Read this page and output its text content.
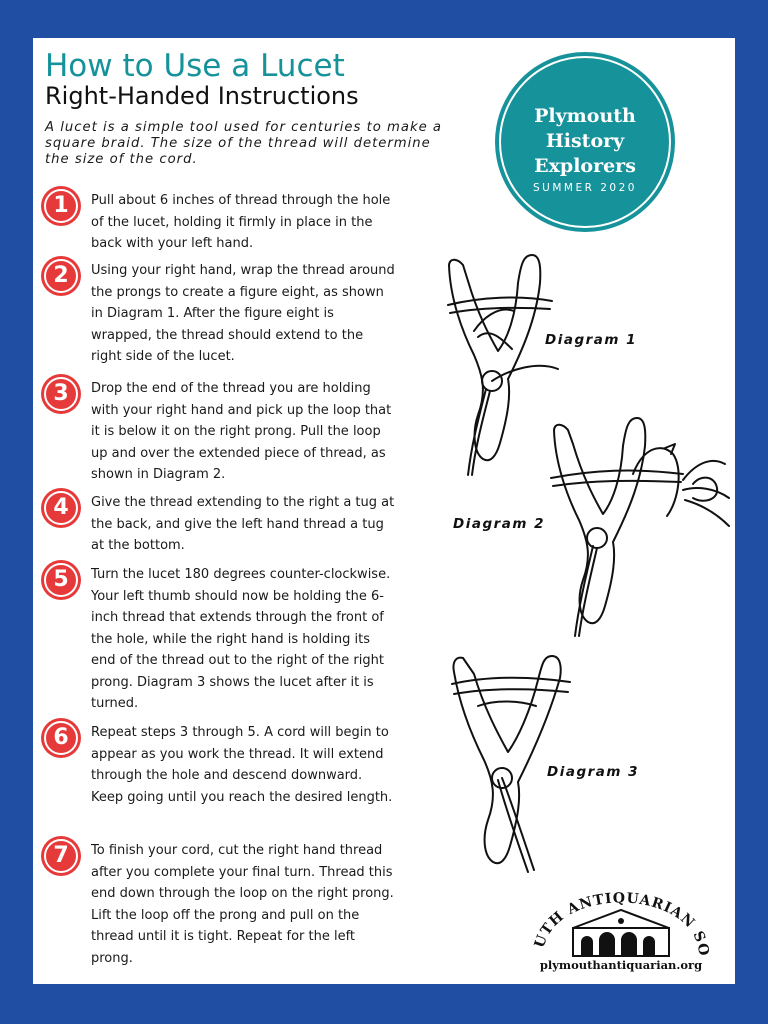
How to Use a Lucet
Right-Handed Instructions

A lucet is a simple tool used for centuries to make a square braid. The size of the thread will determine the size of the cord.

1	Pull about 6 inches of thread through the hole of the lucet, holding it firmly in place in the back with your left hand.

2	Using your right hand, wrap the thread around the prongs to create a figure eight, as shown in Diagram 1. After the figure eight is wrapped, the thread should extend to the right side of the lucet.

3	Drop the end of the thread you are holding with your right hand and pick up the loop that it is below it on the right prong. Pull the loop up and over the extended piece of thread, as shown in Diagram 2.

4	Give the thread extending to the right a tug at the back, and give the left hand thread a tug at the bottom.

5	Turn the lucet 180 degrees counter-clockwise. Your left thumb should now be holding the 6-inch thread that extends through the front of the hole, while the right hand is holding its end of the thread out to the right of the right prong. Diagram 3 shows the lucet after it is turned.

6	Repeat steps 3 through 5. A cord will begin to appear as you work the thread. It will extend through the hole and descend downward. Keep going until you reach the desired length.

7	To finish your cord, cut the right hand thread after you complete your final turn. Thread this end down through the loop on the right prong. Lift the loop off the prong and pull on the thread until it is tight. Repeat for the left prong.

Plymouth
History
Explorers
SUMMER 2020
Diagram 1
Diagram 2
Diagram 3
UTH ANTIQUARIAN SO
plymouthantiquarian.org
